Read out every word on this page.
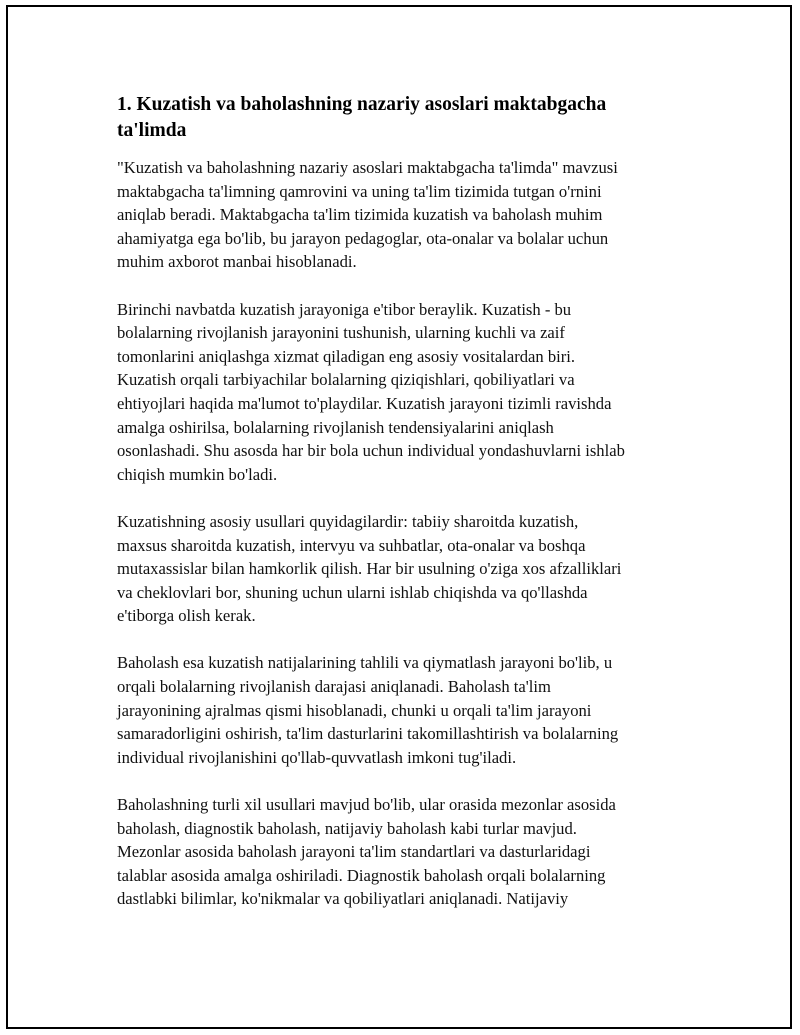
1. Kuzatish va baholashning nazariy asoslari maktabgacha
ta'limda

"Kuzatish va baholashning nazariy asoslari maktabgacha ta'limda" mavzusi
maktabgacha ta'limning qamrovini va uning ta'lim tizimida tutgan o'rnini
aniqlab beradi. Maktabgacha ta'lim tizimida kuzatish va baholash muhim
ahamiyatga ega bo'lib, bu jarayon pedagoglar, ota-onalar va bolalar uchun
muhim axborot manbai hisoblanadi.

Birinchi navbatda kuzatish jarayoniga e'tibor beraylik. Kuzatish - bu
bolalarning rivojlanish jarayonini tushunish, ularning kuchli va zaif
tomonlarini aniqlashga xizmat qiladigan eng asosiy vositalardan biri.
Kuzatish orqali tarbiyachilar bolalarning qiziqishlari, qobiliyatlari va
ehtiyojlari haqida ma'lumot to'playdilar. Kuzatish jarayoni tizimli ravishda
amalga oshirilsa, bolalarning rivojlanish tendensiyalarini aniqlash
osonlashadi. Shu asosda har bir bola uchun individual yondashuvlarni ishlab
chiqish mumkin bo'ladi.

Kuzatishning asosiy usullari quyidagilardir: tabiiy sharoitda kuzatish,
maxsus sharoitda kuzatish, intervyu va suhbatlar, ota-onalar va boshqa
mutaxassislar bilan hamkorlik qilish. Har bir usulning o'ziga xos afzalliklari
va cheklovlari bor, shuning uchun ularni ishlab chiqishda va qo'llashda
e'tiborga olish kerak.

Baholash esa kuzatish natijalarining tahlili va qiymatlash jarayoni bo'lib, u
orqali bolalarning rivojlanish darajasi aniqlanadi. Baholash ta'lim
jarayonining ajralmas qismi hisoblanadi, chunki u orqali ta'lim jarayoni
samaradorligini oshirish, ta'lim dasturlarini takomillashtirish va bolalarning
individual rivojlanishini qo'llab-quvvatlash imkoni tug'iladi.

Baholashning turli xil usullari mavjud bo'lib, ular orasida mezonlar asosida
baholash, diagnostik baholash, natijaviy baholash kabi turlar mavjud.
Mezonlar asosida baholash jarayoni ta'lim standartlari va dasturlaridagi
talablar asosida amalga oshiriladi. Diagnostik baholash orqali bolalarning
dastlabki bilimlar, ko'nikmalar va qobiliyatlari aniqlanadi. Natijaviy
